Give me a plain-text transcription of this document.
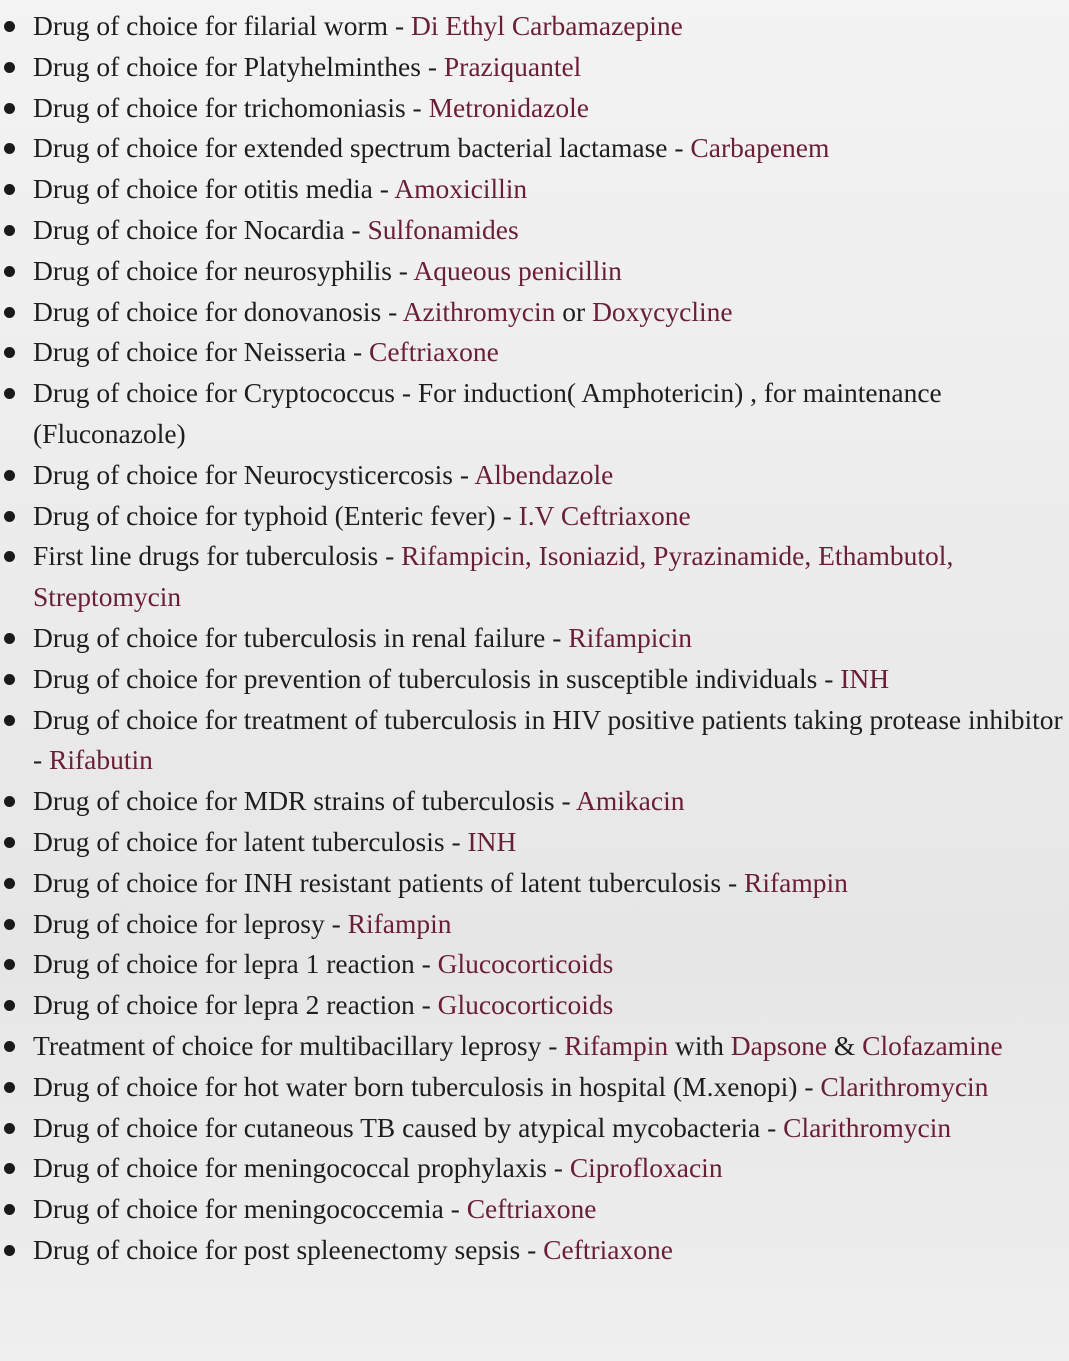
Drug of choice for filarial worm - Di Ethyl Carbamazepine
Drug of choice for Platyhelminthes - Praziquantel
Drug of choice for trichomoniasis - Metronidazole
Drug of choice for extended spectrum bacterial lactamase - Carbapenem
Drug of choice for otitis media - Amoxicillin
Drug of choice for Nocardia - Sulfonamides
Drug of choice for neurosyphilis - Aqueous penicillin
Drug of choice for donovanosis - Azithromycin or Doxycycline
Drug of choice for Neisseria - Ceftriaxone
Drug of choice for Cryptococcus - For induction( Amphotericin) , for maintenance (Fluconazole)
Drug of choice for Neurocysticercosis - Albendazole
Drug of choice for typhoid (Enteric fever) - I.V Ceftriaxone
First line drugs for tuberculosis - Rifampicin, Isoniazid, Pyrazinamide, Ethambutol, Streptomycin
Drug of choice for tuberculosis in renal failure - Rifampicin
Drug of choice for prevention of tuberculosis in susceptible individuals - INH
Drug of choice for treatment of tuberculosis in HIV positive patients taking protease inhibitor - Rifabutin
Drug of choice for MDR strains of tuberculosis - Amikacin
Drug of choice for latent tuberculosis - INH
Drug of choice for INH resistant patients of latent tuberculosis - Rifampin
Drug of choice for leprosy - Rifampin
Drug of choice for lepra 1 reaction - Glucocorticoids
Drug of choice for lepra 2 reaction - Glucocorticoids
Treatment of choice for multibacillary leprosy - Rifampin with Dapsone & Clofazamine
Drug of choice for hot water born tuberculosis in hospital (M.xenopi) - Clarithromycin
Drug of choice for cutaneous TB caused by atypical mycobacteria - Clarithromycin
Drug of choice for meningococcal prophylaxis - Ciprofloxacin
Drug of choice for meningococcemia - Ceftriaxone
Drug of choice for post spleenectomy sepsis - Ceftriaxone
